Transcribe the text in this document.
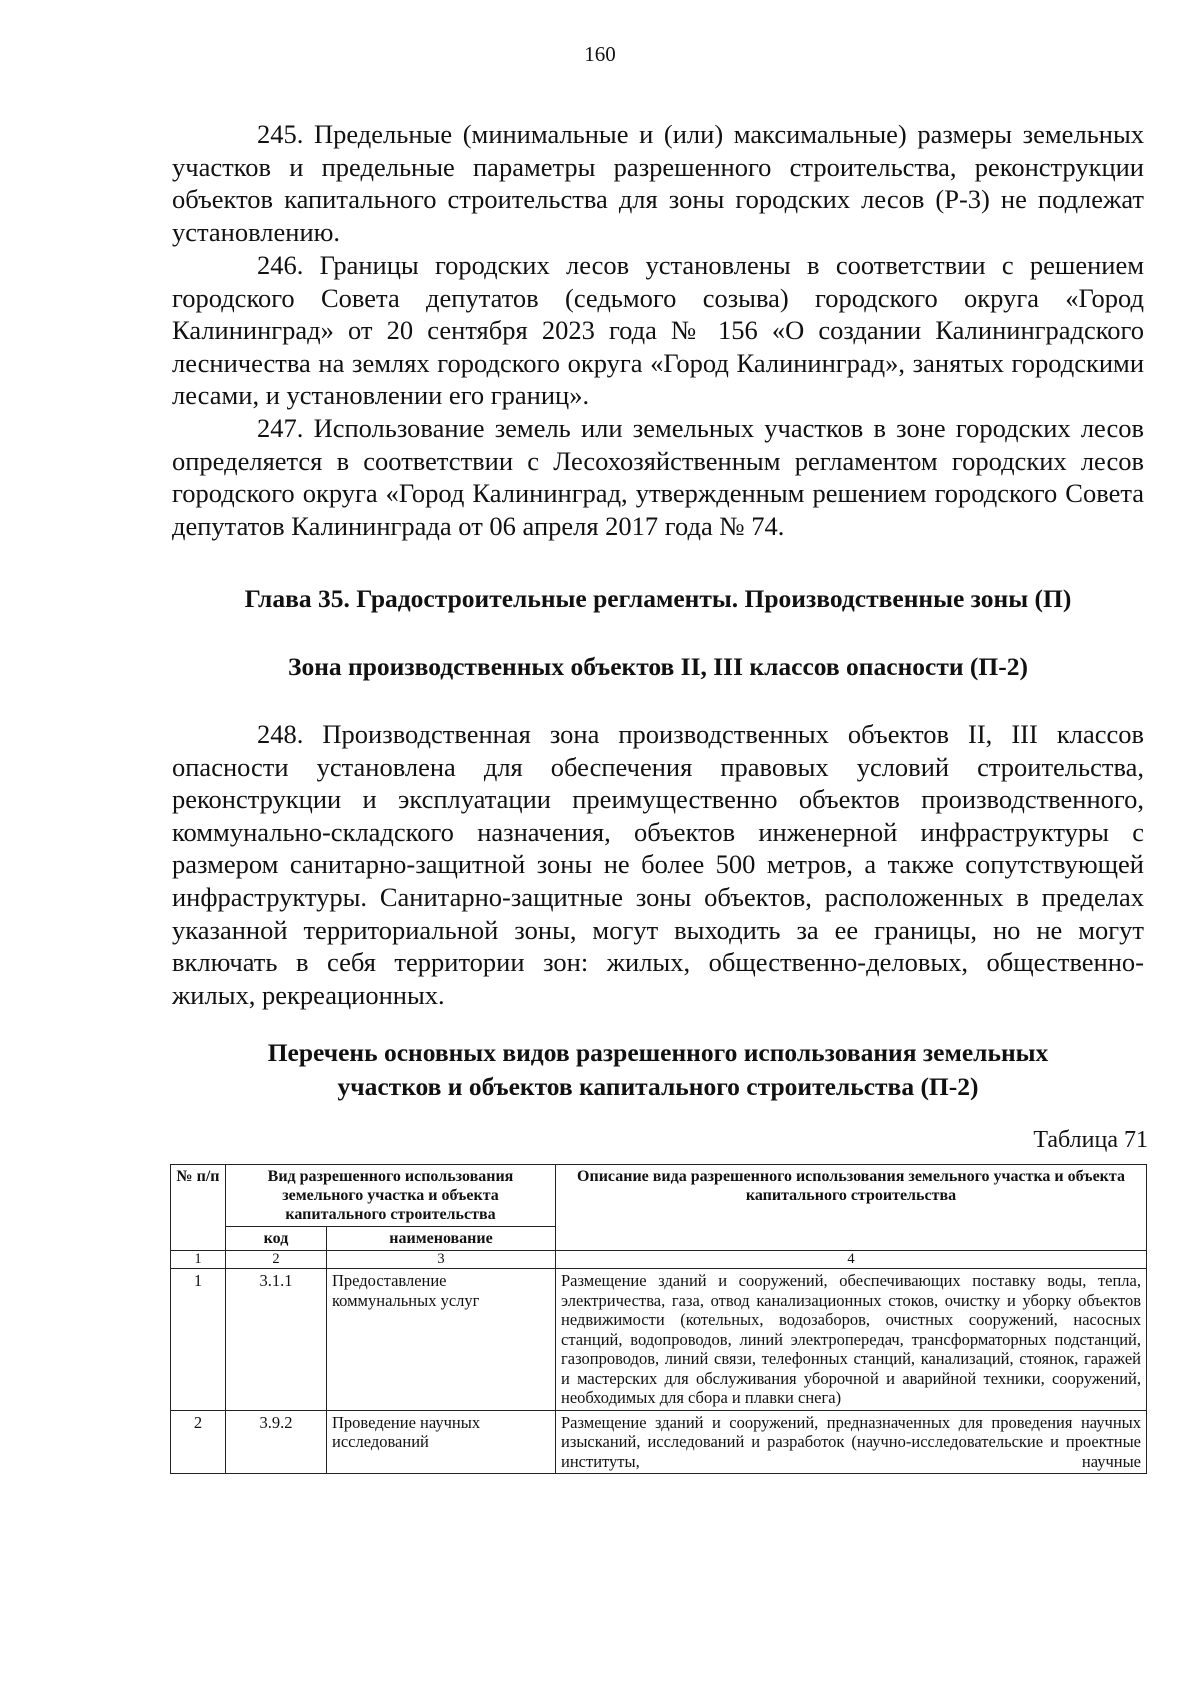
160

245. Предельные (минимальные и (или) максимальные) размеры земельных участков и предельные параметры разрешенного строительства, реконструкции объектов капитального строительства для зоны городских лесов (Р-3) не подлежат установлению.

246. Границы городских лесов установлены в соответствии с решением городского Совета депутатов (седьмого созыва) городского округа «Город Калининград» от 20 сентября 2023 года № 156 «О создании Калининградского лесничества на землях городского округа «Город Калининград», занятых городскими лесами, и установлении его границ».

247. Использование земель или земельных участков в зоне городских лесов определяется в соответствии с Лесохозяйственным регламентом городских лесов городского округа «Город Калининград, утвержденным решением городского Совета депутатов Калининграда от 06 апреля 2017 года № 74.

Глава 35. Градостроительные регламенты. Производственные зоны (П)
Зона производственных объектов II, III классов опасности (П-2)

248. Производственная зона производственных объектов II, III классов опасности установлена для обеспечения правовых условий строительства, реконструкции и эксплуатации преимущественно объектов производственного, коммунально-складского назначения, объектов инженерной инфраструктуры с размером санитарно-защитной зоны не более 500 метров, а также сопутствующей инфраструктуры. Санитарно-защитные зоны объектов, расположенных в пределах указанной территориальной зоны, могут выходить за ее границы, но не могут включать в себя территории зон: жилых, общественно-деловых, общественно-жилых, рекреационных.

Перечень основных видов разрешенного использования земельных
участков и объектов капитального строительства (П-2)
Таблица 71
№ п/п	Вид разрешенного использования земельного участка и объекта капитального строительства		Описание вида разрешенного использования земельного участка и объекта капитального строительства
	код	наименование	
1	2	3	4
1	3.1.1	Предоставление коммунальных услуг	Размещение зданий и сооружений, обеспечивающих поставку воды, тепла, электричества, газа, отвод канализационных стоков, очистку и уборку объектов недвижимости (котельных, водозаборов, очистных сооружений, насосных станций, водопроводов, линий электропередач, трансформаторных подстанций, газопроводов, линий связи, телефонных станций, канализаций, стоянок, гаражей и мастерских для обслуживания уборочной и аварийной техники, сооружений, необходимых для сбора и плавки снега)
2	3.9.2	Проведение научных исследований	Размещение зданий и сооружений, предназначенных для проведения научных изысканий, исследований и разработок (научно-исследовательские и проектные институты, научные
